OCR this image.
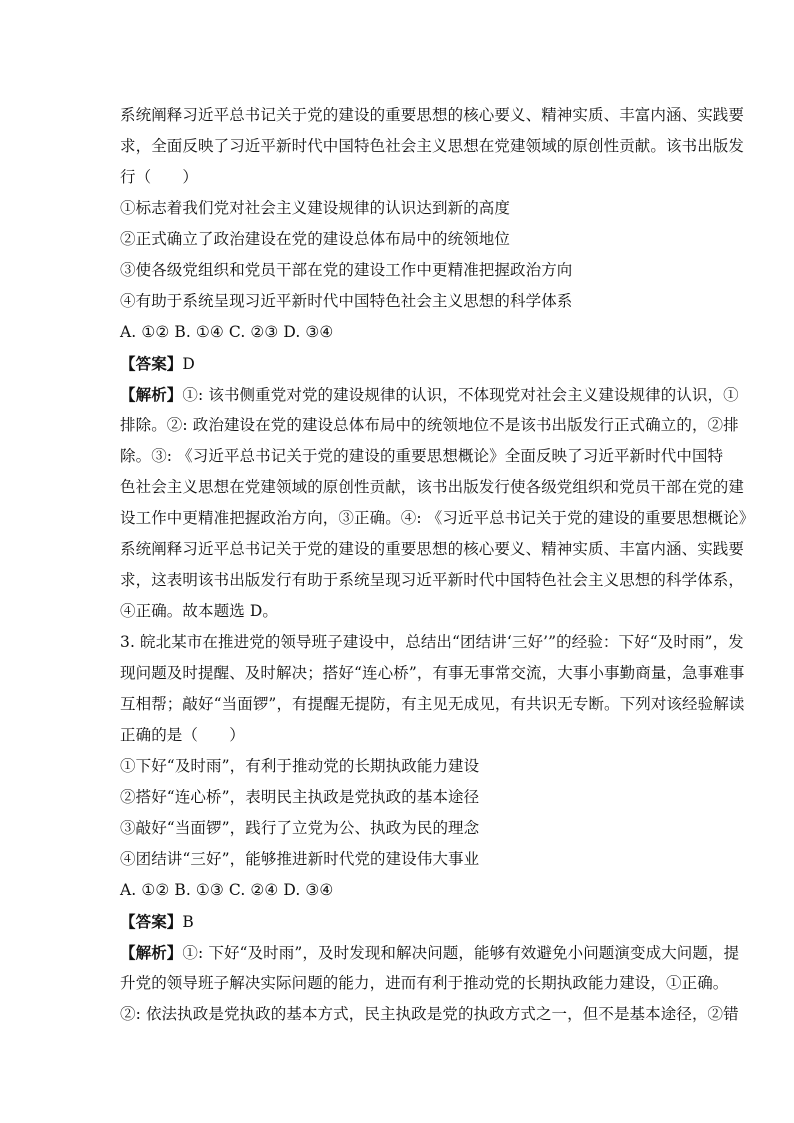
系统阐释习近平总书记关于党的建设的重要思想的核心要义、精神实质、丰富内涵、实践要
求，全面反映了习近平新时代中国特色社会主义思想在党建领域的原创性贡献。该书出版发
行（　　）
①标志着我们党对社会主义建设规律的认识达到新的高度
②正式确立了政治建设在党的建设总体布局中的统领地位
③使各级党组织和党员干部在党的建设工作中更精准把握政治方向
④有助于系统呈现习近平新时代中国特色社会主义思想的科学体系
A. ①② B. ①④ C. ②③ D. ③④
【答案】D
【解析】①: 该书侧重党对党的建设规律的认识，不体现党对社会主义建设规律的认识，①
排除。②: 政治建设在党的建设总体布局中的统领地位不是该书出版发行正式确立的，②排
除。③: 《习近平总书记关于党的建设的重要思想概论》全面反映了习近平新时代中国特
色社会主义思想在党建领域的原创性贡献，该书出版发行使各级党组织和党员干部在党的建
设工作中更精准把握政治方向，③正确。④: 《习近平总书记关于党的建设的重要思想概论》
系统阐释习近平总书记关于党的建设的重要思想的核心要义、精神实质、丰富内涵、实践要
求，这表明该书出版发行有助于系统呈现习近平新时代中国特色社会主义思想的科学体系，
④正确。故本题选 D。
3. 皖北某市在推进党的领导班子建设中，总结出“团结讲‘三好’”的经验：下好“及时雨”，发
现问题及时提醒、及时解决；搭好“连心桥”，有事无事常交流，大事小事勤商量，急事难事
互相帮；敲好“当面锣”，有提醒无提防，有主见无成见，有共识无专断。下列对该经验解读
正确的是（　　）
①下好“及时雨”，有利于推动党的长期执政能力建设
②搭好“连心桥”，表明民主执政是党执政的基本途径
③敲好“当面锣”，践行了立党为公、执政为民的理念
④团结讲“三好”，能够推进新时代党的建设伟大事业
A. ①② B. ①③ C. ②④ D. ③④
【答案】B
【解析】①: 下好“及时雨”，及时发现和解决问题，能够有效避免小问题演变成大问题，提
升党的领导班子解决实际问题的能力，进而有利于推动党的长期执政能力建设，①正确。
②: 依法执政是党执政的基本方式，民主执政是党的执政方式之一，但不是基本途径，②错
